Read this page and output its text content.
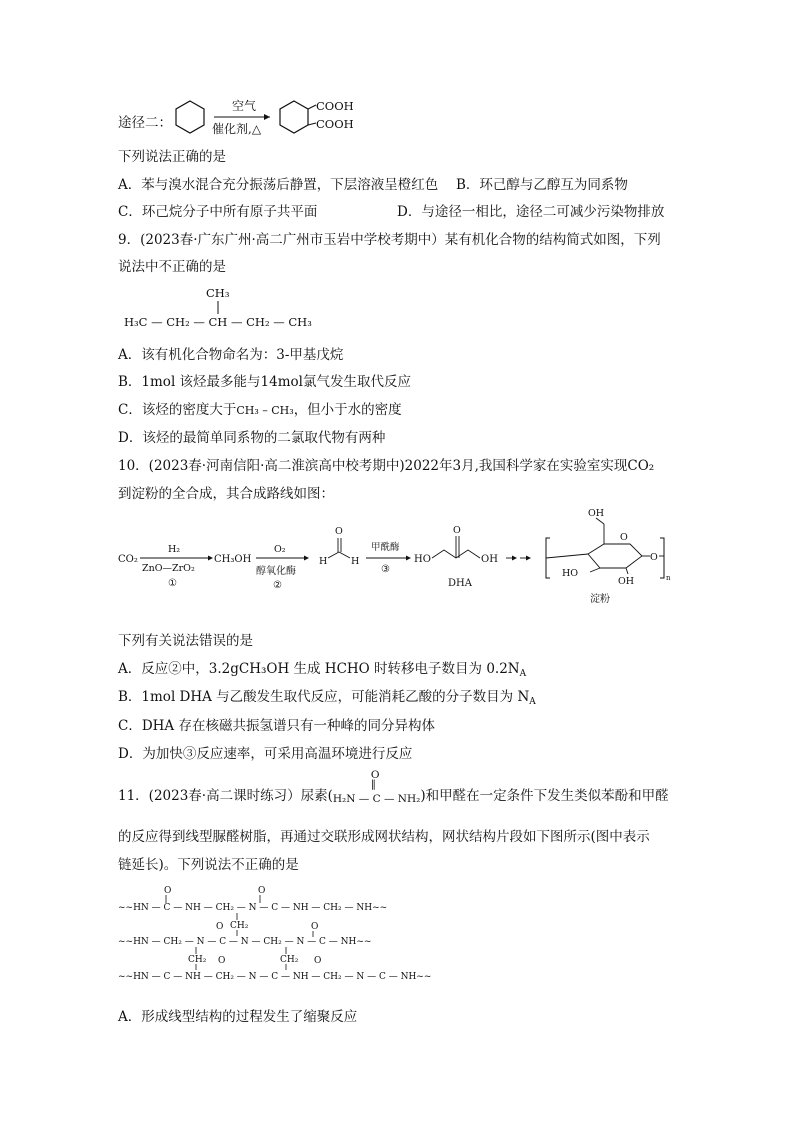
途径二：
空气
催化剂,△
COOH
COOH
下列说法正确的是
A．苯与溴水混合充分振荡后静置，下层溶液呈橙红色 B．环己醇与乙醇互为同系物
C．环己烷分子中所有原子共平面	D．与途径一相比，途径二可减少污染物排放
9．(2023春·广东广州·高二广州市玉岩中学校考期中）某有机化合物的结构简式如图，下列
说法中不正确的是
CH₃
H₃C — CH₂ — CH — CH₂ — CH₃
A．该有机化合物命名为：3-甲基戊烷
B．1mol 该烃最多能与14mol氯气发生取代反应
C．该烃的密度大于CH₃ – CH₃，但小于水的密度
D．该烃的最简单同系物的二氯取代物有两种
10．(2023春·河南信阳·高二淮滨高中校考期中)2022年3月,我国科学家在实验室实现CO₂
到淀粉的全合成，其合成路线如图：
CO₂
H₂
ZnO—ZrO₂
①
CH₃OH
O₂
醇氧化酶
②
O
H H
甲酰酶
③
HO
O
OH
DHA
OH
O
HO
OH
O
n
淀粉
下列有关说法错误的是
A．反应②中，3.2gCH₃OH 生成 HCHO 时转移电子数目为 $0.2N_A$
B．1mol DHA 与乙酸发生取代反应，可能消耗乙酸的分子数目为 $N_A$
C．DHA 存在核磁共振氢谱只有一种峰的同分异构体
D．为加快③反应速率，可采用高温环境进行反应
11．(2023春·高二课时练习）尿素(
O
‖
H₂N — C — NH₂)和甲醛在一定条件下发生类似苯酚和甲醛
的反应得到线型脲醛树脂，再通过交联形成网状结构，网状结构片段如下图所示(图中表示
链延长)。下列说法不正确的是
~~HN — C — NH — CH₂ — N — C — NH — CH₂ — NH~~
O	O
CH₂
~~HN — CH₂ — N — C — N — CH₂ — N — C — NH~~
O	O
CH₂	CH₂
~~HN — C — NH — CH₂ — N — C — NH — CH₂ — N — C — NH~~
O	O
A．形成线型结构的过程发生了缩聚反应
